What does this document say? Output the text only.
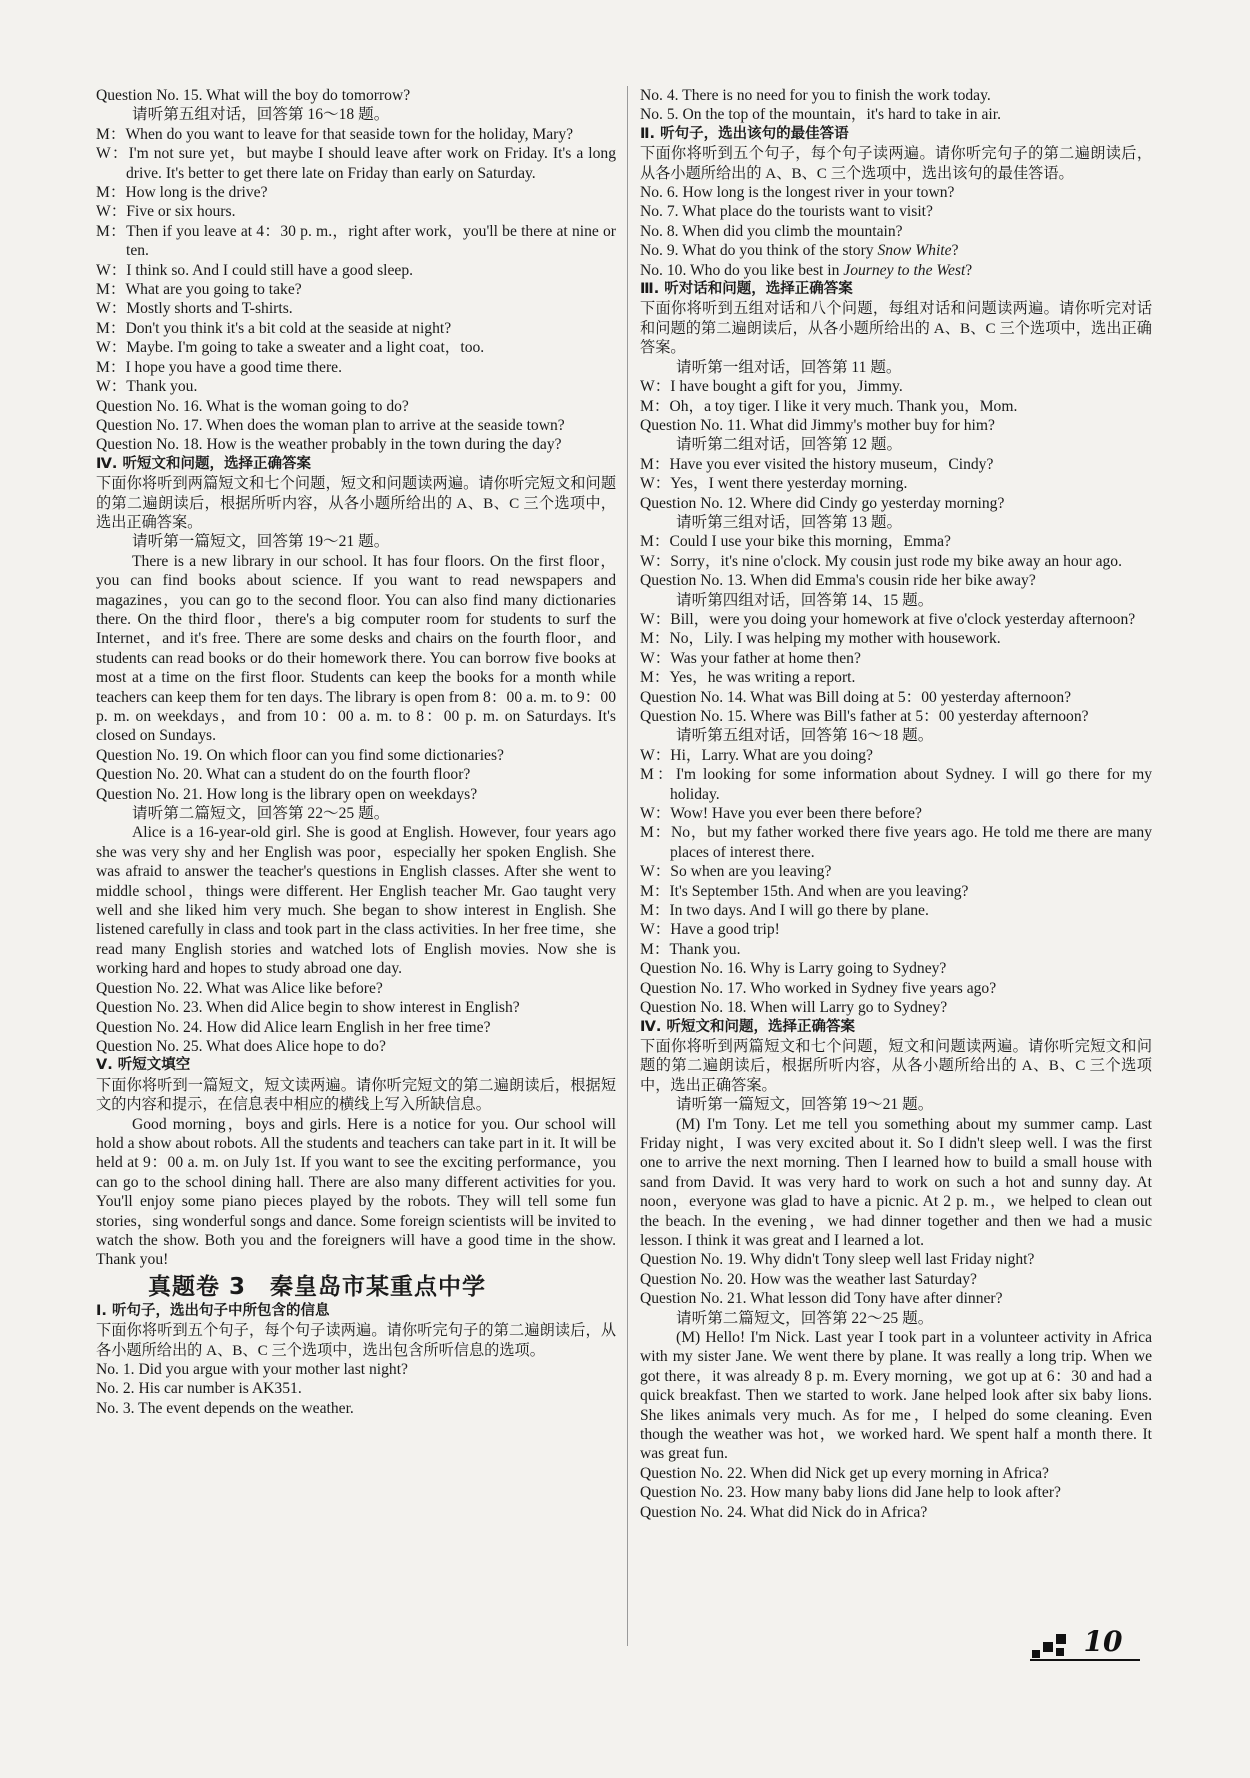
Question No. 15. What will the boy do tomorrow?

请听第五组对话，回答第 16～18 题。

M：When do you want to leave for that seaside town for the holiday, Mary?

W：I'm not sure yet，but maybe I should leave after work on Friday. It's a long drive. It's better to get there late on Friday than early on Saturday.

M：How long is the drive?

W：Five or six hours.

M：Then if you leave at 4：30 p. m.，right after work，you'll be there at nine or ten.

W：I think so. And I could still have a good sleep.

M：What are you going to take?

W：Mostly shorts and T-shirts.

M：Don't you think it's a bit cold at the seaside at night?

W：Maybe. I'm going to take a sweater and a light coat，too.

M：I hope you have a good time there.

W：Thank you.

Question No. 16. What is the woman going to do?

Question No. 17. When does the woman plan to arrive at the seaside town?

Question No. 18. How is the weather probably in the town during the day?

Ⅳ. 听短文和问题，选择正确答案

下面你将听到两篇短文和七个问题，短文和问题读两遍。请你听完短文和问题的第二遍朗读后，根据所听内容，从各小题所给出的 A、B、C 三个选项中，选出正确答案。

请听第一篇短文，回答第 19～21 题。

There is a new library in our school. It has four floors. On the first floor，you can find books about science. If you want to read newspapers and magazines，you can go to the second floor. You can also find many dictionaries there. On the third floor，there's a big computer room for students to surf the Internet，and it's free. There are some desks and chairs on the fourth floor，and students can read books or do their homework there. You can borrow five books at most at a time on the first floor. Students can keep the books for a month while teachers can keep them for ten days. The library is open from 8：00 a. m. to 9：00 p. m. on weekdays，and from 10：00 a. m. to 8：00 p. m. on Saturdays. It's closed on Sundays.

Question No. 19. On which floor can you find some dictionaries?

Question No. 20. What can a student do on the fourth floor?

Question No. 21. How long is the library open on weekdays?

请听第二篇短文，回答第 22～25 题。

Alice is a 16-year-old girl. She is good at English. However, four years ago she was very shy and her English was poor，especially her spoken English. She was afraid to answer the teacher's questions in English classes. After she went to middle school，things were different. Her English teacher Mr. Gao taught very well and she liked him very much. She began to show interest in English. She listened carefully in class and took part in the class activities. In her free time，she read many English stories and watched lots of English movies. Now she is working hard and hopes to study abroad one day.

Question No. 22. What was Alice like before?

Question No. 23. When did Alice begin to show interest in English?

Question No. 24. How did Alice learn English in her free time?

Question No. 25. What does Alice hope to do?

Ⅴ. 听短文填空

下面你将听到一篇短文，短文读两遍。请你听完短文的第二遍朗读后，根据短文的内容和提示，在信息表中相应的横线上写入所缺信息。

Good morning，boys and girls. Here is a notice for you. Our school will hold a show about robots. All the students and teachers can take part in it. It will be held at 9：00 a. m. on July 1st. If you want to see the exciting performance，you can go to the school dining hall. There are also many different activities for you. You'll enjoy some piano pieces played by the robots. They will tell some fun stories，sing wonderful songs and dance. Some foreign scientists will be invited to watch the show. Both you and the foreigners will have a good time in the show. Thank you!

真题卷 3　秦皇岛市某重点中学

Ⅰ. 听句子，选出句子中所包含的信息

下面你将听到五个句子，每个句子读两遍。请你听完句子的第二遍朗读后，从各小题所给出的 A、B、C 三个选项中，选出包含所听信息的选项。

No. 1. Did you argue with your mother last night?

No. 2. His car number is AK351.

No. 3. The event depends on the weather.

No. 4. There is no need for you to finish the work today.

No. 5. On the top of the mountain，it's hard to take in air.

Ⅱ. 听句子，选出该句的最佳答语

下面你将听到五个句子，每个句子读两遍。请你听完句子的第二遍朗读后，从各小题所给出的 A、B、C 三个选项中，选出该句的最佳答语。

No. 6. How long is the longest river in your town?

No. 7. What place do the tourists want to visit?

No. 8. When did you climb the mountain?

No. 9. What do you think of the story Snow White?

No. 10. Who do you like best in Journey to the West?

Ⅲ. 听对话和问题，选择正确答案

下面你将听到五组对话和八个问题，每组对话和问题读两遍。请你听完对话和问题的第二遍朗读后，从各小题所给出的 A、B、C 三个选项中，选出正确答案。

请听第一组对话，回答第 11 题。

W：I have bought a gift for you，Jimmy.

M：Oh，a toy tiger. I like it very much. Thank you，Mom.

Question No. 11. What did Jimmy's mother buy for him?

请听第二组对话，回答第 12 题。

M：Have you ever visited the history museum，Cindy?

W：Yes，I went there yesterday morning.

Question No. 12. Where did Cindy go yesterday morning?

请听第三组对话，回答第 13 题。

M：Could I use your bike this morning，Emma?

W：Sorry，it's nine o'clock. My cousin just rode my bike away an hour ago.

Question No. 13. When did Emma's cousin ride her bike away?

请听第四组对话，回答第 14、15 题。

W：Bill，were you doing your homework at five o'clock yesterday afternoon?

M：No，Lily. I was helping my mother with housework.

W：Was your father at home then?

M：Yes，he was writing a report.

Question No. 14. What was Bill doing at 5：00 yesterday afternoon?

Question No. 15. Where was Bill's father at 5：00 yesterday afternoon?

请听第五组对话，回答第 16～18 题。

W：Hi，Larry. What are you doing?

M：I'm looking for some information about Sydney. I will go there for my holiday.

W：Wow! Have you ever been there before?

M：No，but my father worked there five years ago. He told me there are many places of interest there.

W：So when are you leaving?

M：It's September 15th. And when are you leaving?

M：In two days. And I will go there by plane.

W：Have a good trip!

M：Thank you.

Question No. 16. Why is Larry going to Sydney?

Question No. 17. Who worked in Sydney five years ago?

Question No. 18. When will Larry go to Sydney?

Ⅳ. 听短文和问题，选择正确答案

下面你将听到两篇短文和七个问题，短文和问题读两遍。请你听完短文和问题的第二遍朗读后，根据所听内容，从各小题所给出的 A、B、C 三个选项中，选出正确答案。

请听第一篇短文，回答第 19～21 题。

(M) I'm Tony. Let me tell you something about my summer camp. Last Friday night，I was very excited about it. So I didn't sleep well. I was the first one to arrive the next morning. Then I learned how to build a small house with sand from David. It was very hard to work on such a hot and sunny day. At noon，everyone was glad to have a picnic. At 2 p. m.，we helped to clean out the beach. In the evening，we had dinner together and then we had a music lesson. I think it was great and I learned a lot.

Question No. 19. Why didn't Tony sleep well last Friday night?

Question No. 20. How was the weather last Saturday?

Question No. 21. What lesson did Tony have after dinner?

请听第二篇短文，回答第 22～25 题。

(M) Hello! I'm Nick. Last year I took part in a volunteer activity in Africa with my sister Jane. We went there by plane. It was really a long trip. When we got there，it was already 8 p. m. Every morning，we got up at 6：30 and had a quick breakfast. Then we started to work. Jane helped look after six baby lions. She likes animals very much. As for me，I helped do some cleaning. Even though the weather was hot，we worked hard. We spent half a month there. It was great fun.

Question No. 22. When did Nick get up every morning in Africa?

Question No. 23. How many baby lions did Jane help to look after?

Question No. 24. What did Nick do in Africa?

10
